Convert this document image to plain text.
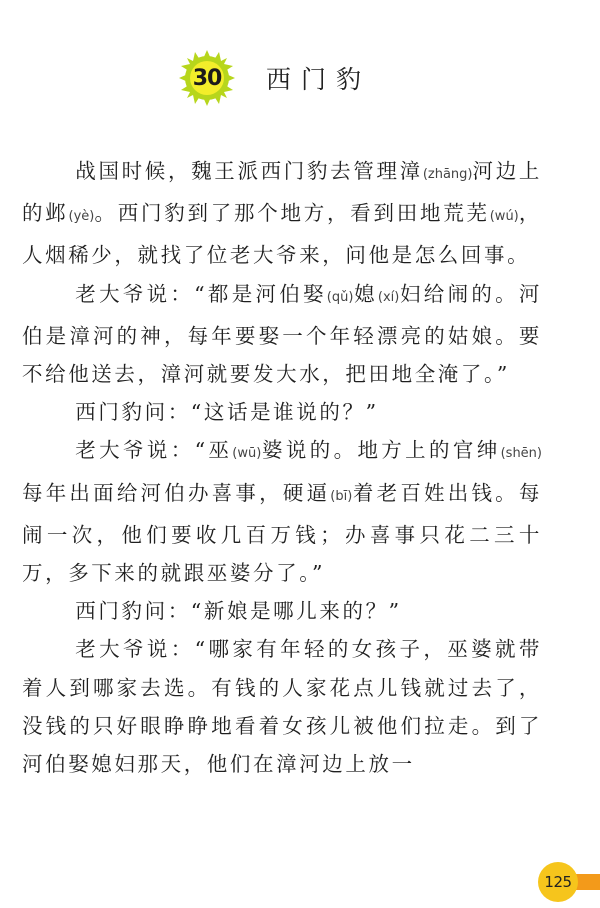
30	西门豹

战国时候，魏王派西门豹去管理漳(zhāng)河边上的邺(yè)。西门豹到了那个地方，看到田地荒芜(wú)，人烟稀少，就找了位老大爷来，问他是怎么回事。

老大爷说：“都是河伯娶(qǔ)媳(xí)妇给闹的。河伯是漳河的神，每年要娶一个年轻漂亮的姑娘。要不给他送去，漳河就要发大水，把田地全淹了。”

西门豹问：“这话是谁说的？”

老大爷说：“巫(wū)婆说的。地方上的官绅(shēn)每年出面给河伯办喜事，硬逼(bī)着老百姓出钱。每闹一次，他们要收几百万钱；办喜事只花二三十万，多下来的就跟巫婆分了。”

西门豹问：“新娘是哪儿来的？”

老大爷说：“哪家有年轻的女孩子，巫婆就带着人到哪家去选。有钱的人家花点儿钱就过去了，没钱的只好眼睁睁地看着女孩儿被他们拉走。到了河伯娶媳妇那天，他们在漳河边上放一

125
